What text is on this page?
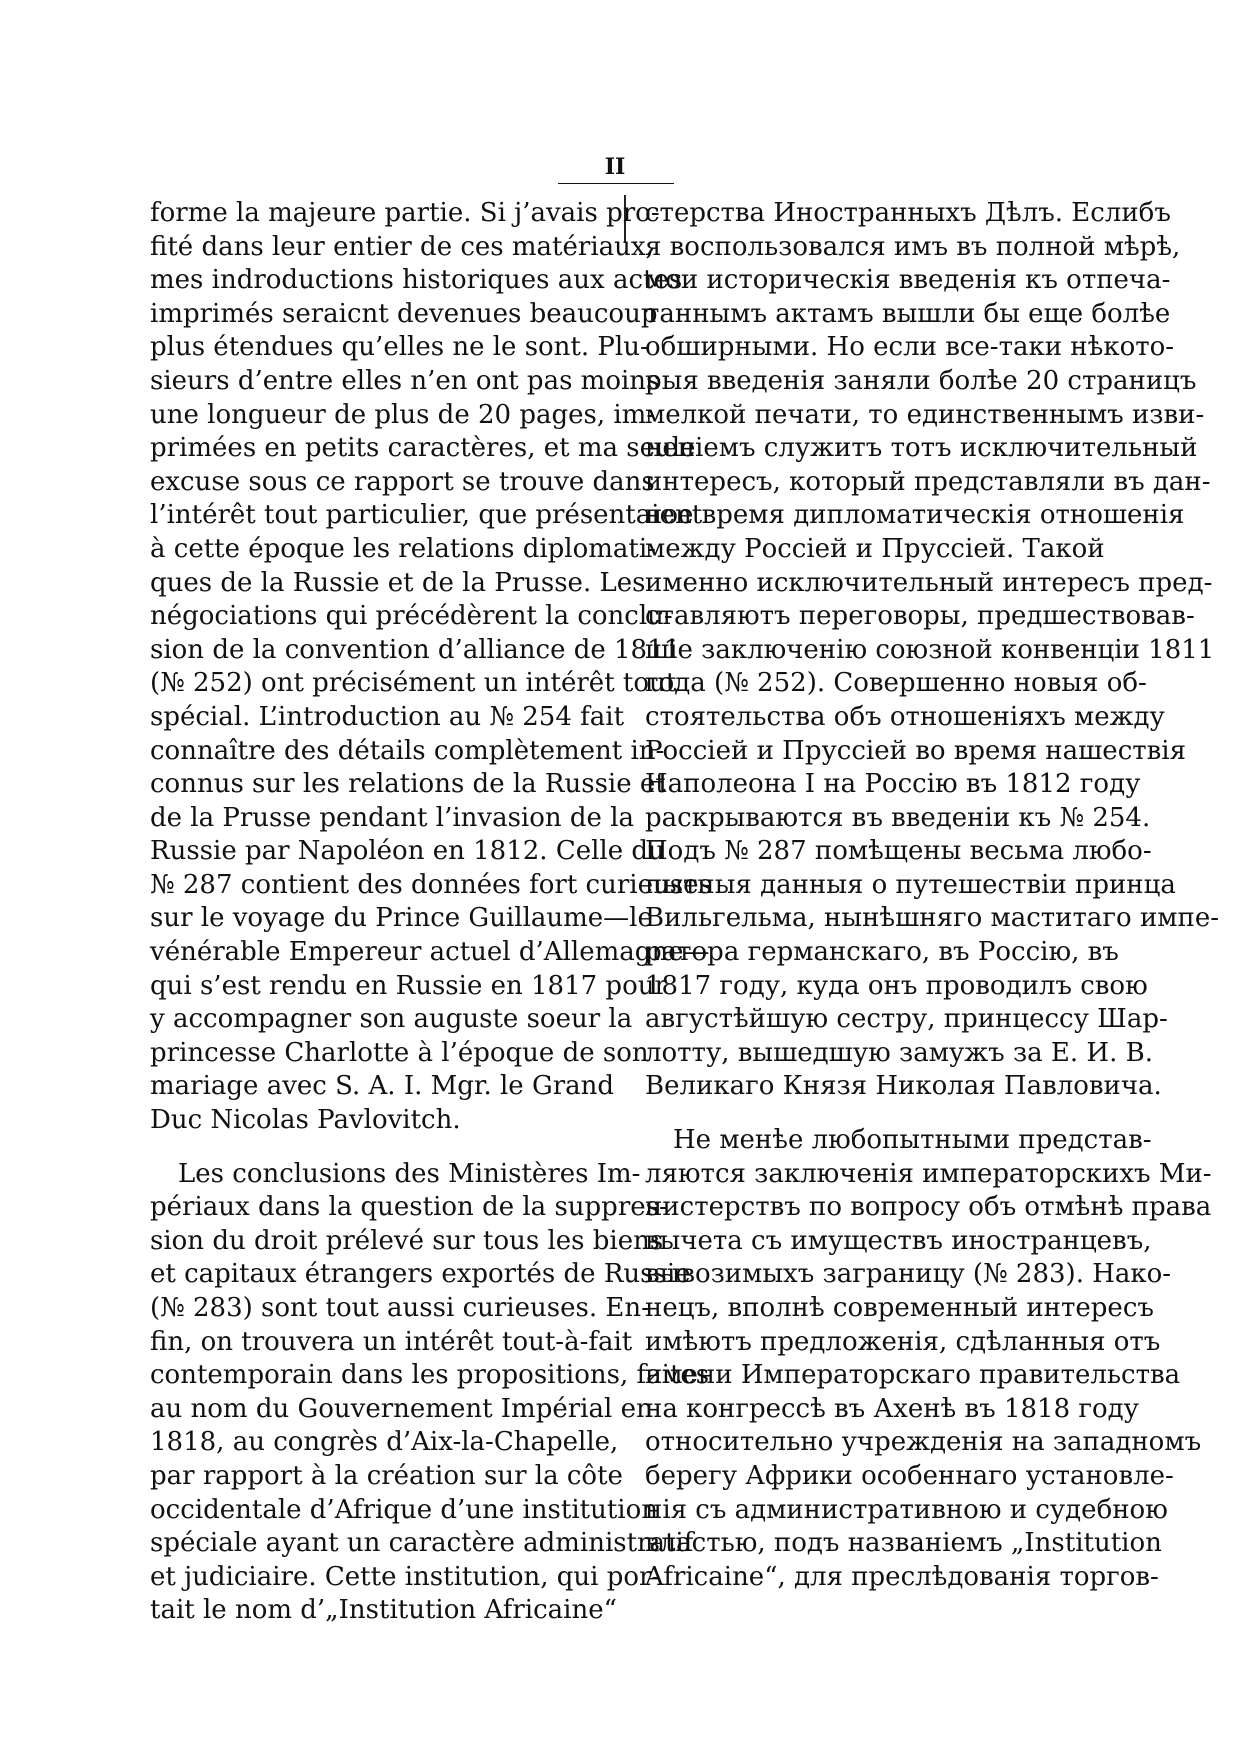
II
forme la majeure partie. Si j’avais pro-
fité dans leur entier de ces matériaux,
mes indroductions historiques aux actes
imprimés seraicnt devenues beaucoup
plus étendues qu’elles ne le sont. Plu-
sieurs d’entre elles n’en ont pas moins
une longueur de plus de 20 pages, im-
primées en petits caractères, et ma seule
excuse sous ce rapport se trouve dans
l’intérêt tout particulier, que présentaient
à cette époque les relations diplomati-
ques de la Russie et de la Prusse. Les
négociations qui précédèrent la conclu-
sion de la convention d’alliance de 1811
(№ 252) ont précisément un intérêt tout
spécial. L’introduction au № 254 fait
connaître des détails complètement in-
connus sur les relations de la Russie et
de la Prusse pendant l’invasion de la
Russie par Napoléon en 1812. Celle du
№ 287 contient des données fort curieuses
sur le voyage du Prince Guillaume—le
vénérable Empereur actuel d’Allemagne—
qui s’est rendu en Russie en 1817 pour
y accompagner son auguste soeur la
princesse Charlotte à l’époque de son
mariage avec S. A. I. Mgr. le Grand
Duc Nicolas Pavlovitch.
Les conclusions des Ministères Im-
périaux dans la question de la suppres-
sion du droit prélevé sur tous les biens
et capitaux étrangers exportés de Russie
(№ 283) sont tout aussi curieuses. En-
fin, on trouvera un intérêt tout-à-fait
contemporain dans les propositions, faites
au nom du Gouvernement Impérial en
1818, au congrès d’Aix-la-Chapelle,
par rapport à la création sur la côte
occidentale d’Afrique d’une institution
spéciale ayant un caractère administratif
et judiciaire. Cette institution, qui por-
tait le nom d’„Institution Africaine“
стерства Иностранныхъ Дѣлъ. Еслибъ
я воспользовался имъ въ полной мѣрѣ,
мои историческія введенія къ отпеча-
таннымъ актамъ вышли бы еще болѣе
обширными. Но если все-таки нѣкото-
рыя введенія заняли болѣе 20 страницъ
мелкой печати, то единственнымъ изви-
неніемъ служитъ тотъ исключительный
интересъ, который представляли въ дан-
ное время дипломатическія отношенія
между Россіей и Пруссіей. Такой
именно исключительный интересъ пред-
ставляютъ переговоры, предшествовав-
шіе заключенію союзной конвенціи 1811
года (№ 252). Совершенно новыя об-
стоятельства объ отношеніяхъ между
Россіей и Пруссіей во время нашествія
Наполеона I на Россію въ 1812 году
раскрываются въ введеніи къ № 254.
Подъ № 287 помѣщены весьма любо-
пытныя данныя о путешествіи принца
Вильгельма, нынѣшняго маститаго импе-
ратора германскаго, въ Россію, въ
1817 году, куда онъ проводилъ свою
августѣйшую сестру, принцессу Шар-
лотту, вышедшую замужъ за Е. И. В.
Великаго Князя Николая Павловича.
Не менѣе любопытными представ-
ляются заключенія императорскихъ Ми-
нистерствъ по вопросу объ отмѣнѣ права
вычета съ имуществъ иностранцевъ,
вывозимыхъ заграницу (№ 283). Нако-
нецъ, вполнѣ современный интересъ
имѣютъ предложенія, сдѣланныя отъ
имени Императорскаго правительства
на конгрессѣ въ Ахенѣ въ 1818 году
относительно учрежденія на западномъ
берегу Африки особеннаго установле-
нія съ административною и судебною
властью, подъ названіемъ „Institution
Africaine“, для преслѣдованія торгов-
